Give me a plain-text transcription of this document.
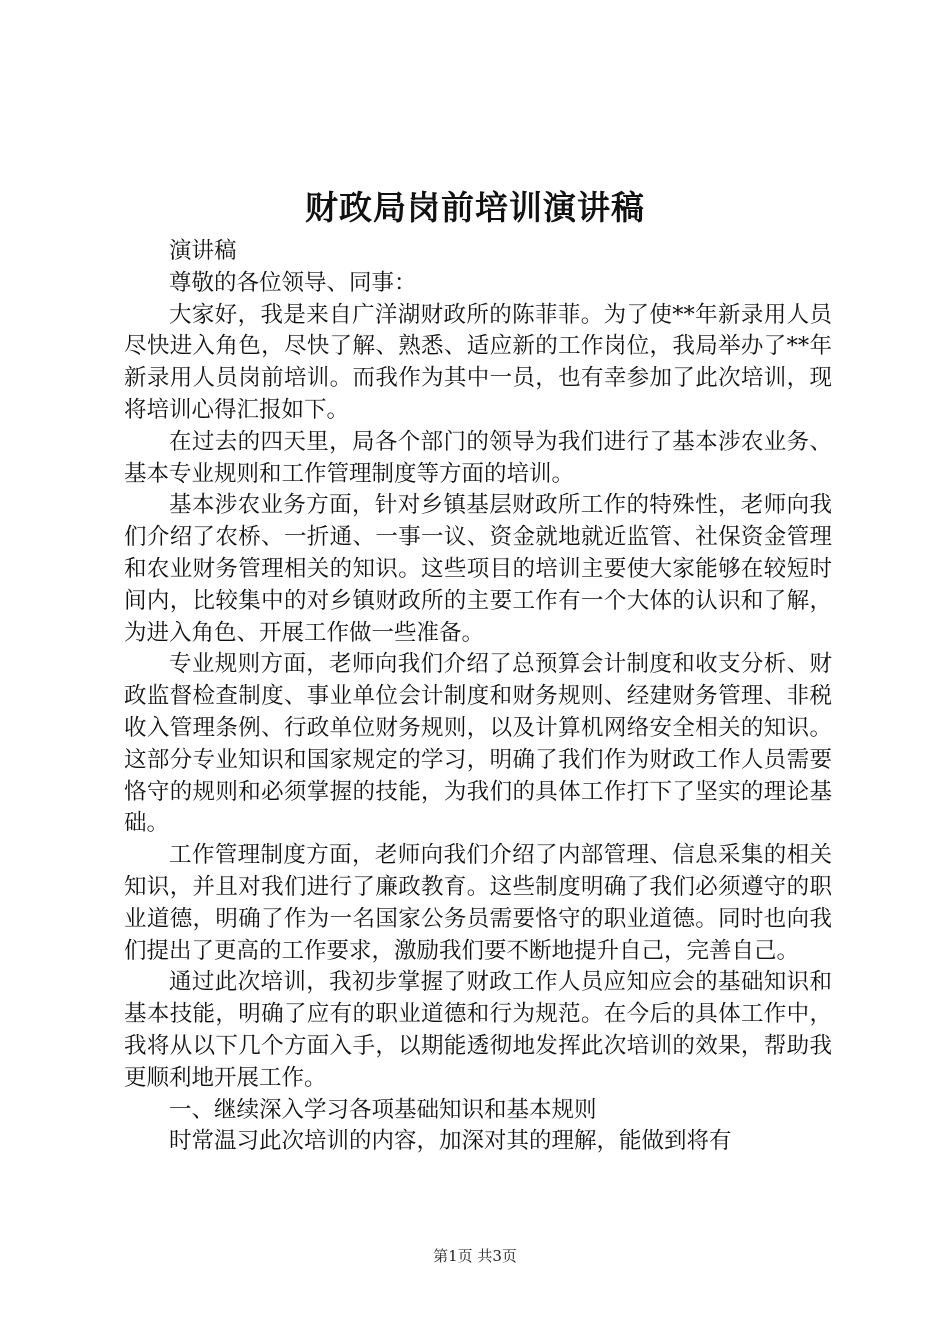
财政局岗前培训演讲稿

演讲稿

尊敬的各位领导、同事：

大家好，我是来自广洋湖财政所的陈菲菲。为了使**年新录用人员尽快进入角色，尽快了解、熟悉、适应新的工作岗位，我局举办了**年新录用人员岗前培训。而我作为其中一员，也有幸参加了此次培训，现将培训心得汇报如下。

在过去的四天里，局各个部门的领导为我们进行了基本涉农业务、基本专业规则和工作管理制度等方面的培训。

基本涉农业务方面，针对乡镇基层财政所工作的特殊性，老师向我们介绍了农桥、一折通、一事一议、资金就地就近监管、社保资金管理和农业财务管理相关的知识。这些项目的培训主要使大家能够在较短时间内，比较集中的对乡镇财政所的主要工作有一个大体的认识和了解，为进入角色、开展工作做一些准备。

专业规则方面，老师向我们介绍了总预算会计制度和收支分析、财政监督检查制度、事业单位会计制度和财务规则、经建财务管理、非税收入管理条例、行政单位财务规则，以及计算机网络安全相关的知识。这部分专业知识和国家规定的学习，明确了我们作为财政工作人员需要恪守的规则和必须掌握的技能，为我们的具体工作打下了坚实的理论基础。

工作管理制度方面，老师向我们介绍了内部管理、信息采集的相关知识，并且对我们进行了廉政教育。这些制度明确了我们必须遵守的职业道德，明确了作为一名国家公务员需要恪守的职业道德。同时也向我们提出了更高的工作要求，激励我们要不断地提升自己，完善自己。

通过此次培训，我初步掌握了财政工作人员应知应会的基础知识和基本技能，明确了应有的职业道德和行为规范。在今后的具体工作中，我将从以下几个方面入手，以期能透彻地发挥此次培训的效果，帮助我更顺利地开展工作。

一、继续深入学习各项基础知识和基本规则

时常温习此次培训的内容，加深对其的理解，能做到将有

第1页 共3页
